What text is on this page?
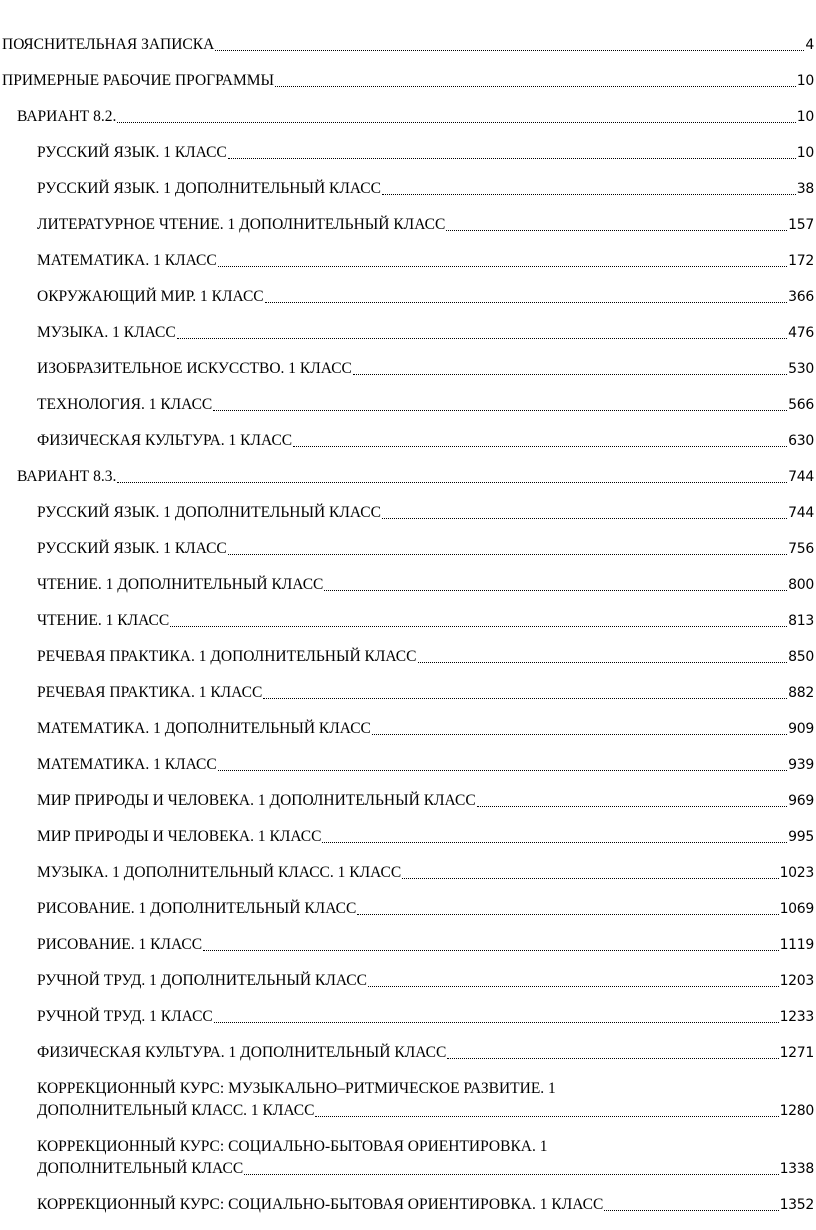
ПОЯСНИТЕЛЬНАЯ ЗАПИСКА	4
ПРИМЕРНЫЕ РАБОЧИЕ ПРОГРАММЫ	10
ВАРИАНТ 8.2.	10
РУССКИЙ ЯЗЫК. 1 КЛАСС	10
РУССКИЙ ЯЗЫК. 1 ДОПОЛНИТЕЛЬНЫЙ КЛАСС	38
ЛИТЕРАТУРНОЕ ЧТЕНИЕ. 1 ДОПОЛНИТЕЛЬНЫЙ КЛАСС	157
МАТЕМАТИКА. 1 КЛАСС	172
ОКРУЖАЮЩИЙ МИР. 1 КЛАСС	366
МУЗЫКА. 1 КЛАСС	476
ИЗОБРАЗИТЕЛЬНОЕ ИСКУССТВО. 1 КЛАСС	530
ТЕХНОЛОГИЯ. 1 КЛАСС	566
ФИЗИЧЕСКАЯ КУЛЬТУРА. 1 КЛАСС	630
ВАРИАНТ 8.3.	744
РУССКИЙ ЯЗЫК. 1 ДОПОЛНИТЕЛЬНЫЙ КЛАСС	744
РУССКИЙ ЯЗЫК. 1 КЛАСС	756
ЧТЕНИЕ. 1 ДОПОЛНИТЕЛЬНЫЙ КЛАСС	800
ЧТЕНИЕ. 1 КЛАСС	813
РЕЧЕВАЯ ПРАКТИКА. 1 ДОПОЛНИТЕЛЬНЫЙ КЛАСС	850
РЕЧЕВАЯ ПРАКТИКА. 1 КЛАСС	882
МАТЕМАТИКА. 1 ДОПОЛНИТЕЛЬНЫЙ КЛАСС	909
МАТЕМАТИКА. 1 КЛАСС	939
МИР ПРИРОДЫ И ЧЕЛОВЕКА. 1 ДОПОЛНИТЕЛЬНЫЙ КЛАСС	969
МИР ПРИРОДЫ И ЧЕЛОВЕКА. 1 КЛАСС	995
МУЗЫКА. 1 ДОПОЛНИТЕЛЬНЫЙ КЛАСС. 1 КЛАСС	1023
РИСОВАНИЕ. 1 ДОПОЛНИТЕЛЬНЫЙ КЛАСС	1069
РИСОВАНИЕ. 1 КЛАСС	1119
РУЧНОЙ ТРУД. 1 ДОПОЛНИТЕЛЬНЫЙ КЛАСС	1203
РУЧНОЙ ТРУД. 1 КЛАСС	1233
ФИЗИЧЕСКАЯ КУЛЬТУРА. 1 ДОПОЛНИТЕЛЬНЫЙ КЛАСС	1271
КОРРЕКЦИОННЫЙ КУРС: МУЗЫКАЛЬНО–РИТМИЧЕСКОЕ РАЗВИТИЕ. 1
ДОПОЛНИТЕЛЬНЫЙ КЛАСС. 1 КЛАСС	1280
КОРРЕКЦИОННЫЙ КУРС: СОЦИАЛЬНО-БЫТОВАЯ ОРИЕНТИРОВКА. 1
ДОПОЛНИТЕЛЬНЫЙ КЛАСС	1338
КОРРЕКЦИОННЫЙ КУРС: СОЦИАЛЬНО-БЫТОВАЯ ОРИЕНТИРОВКА. 1 КЛАСС	1352
